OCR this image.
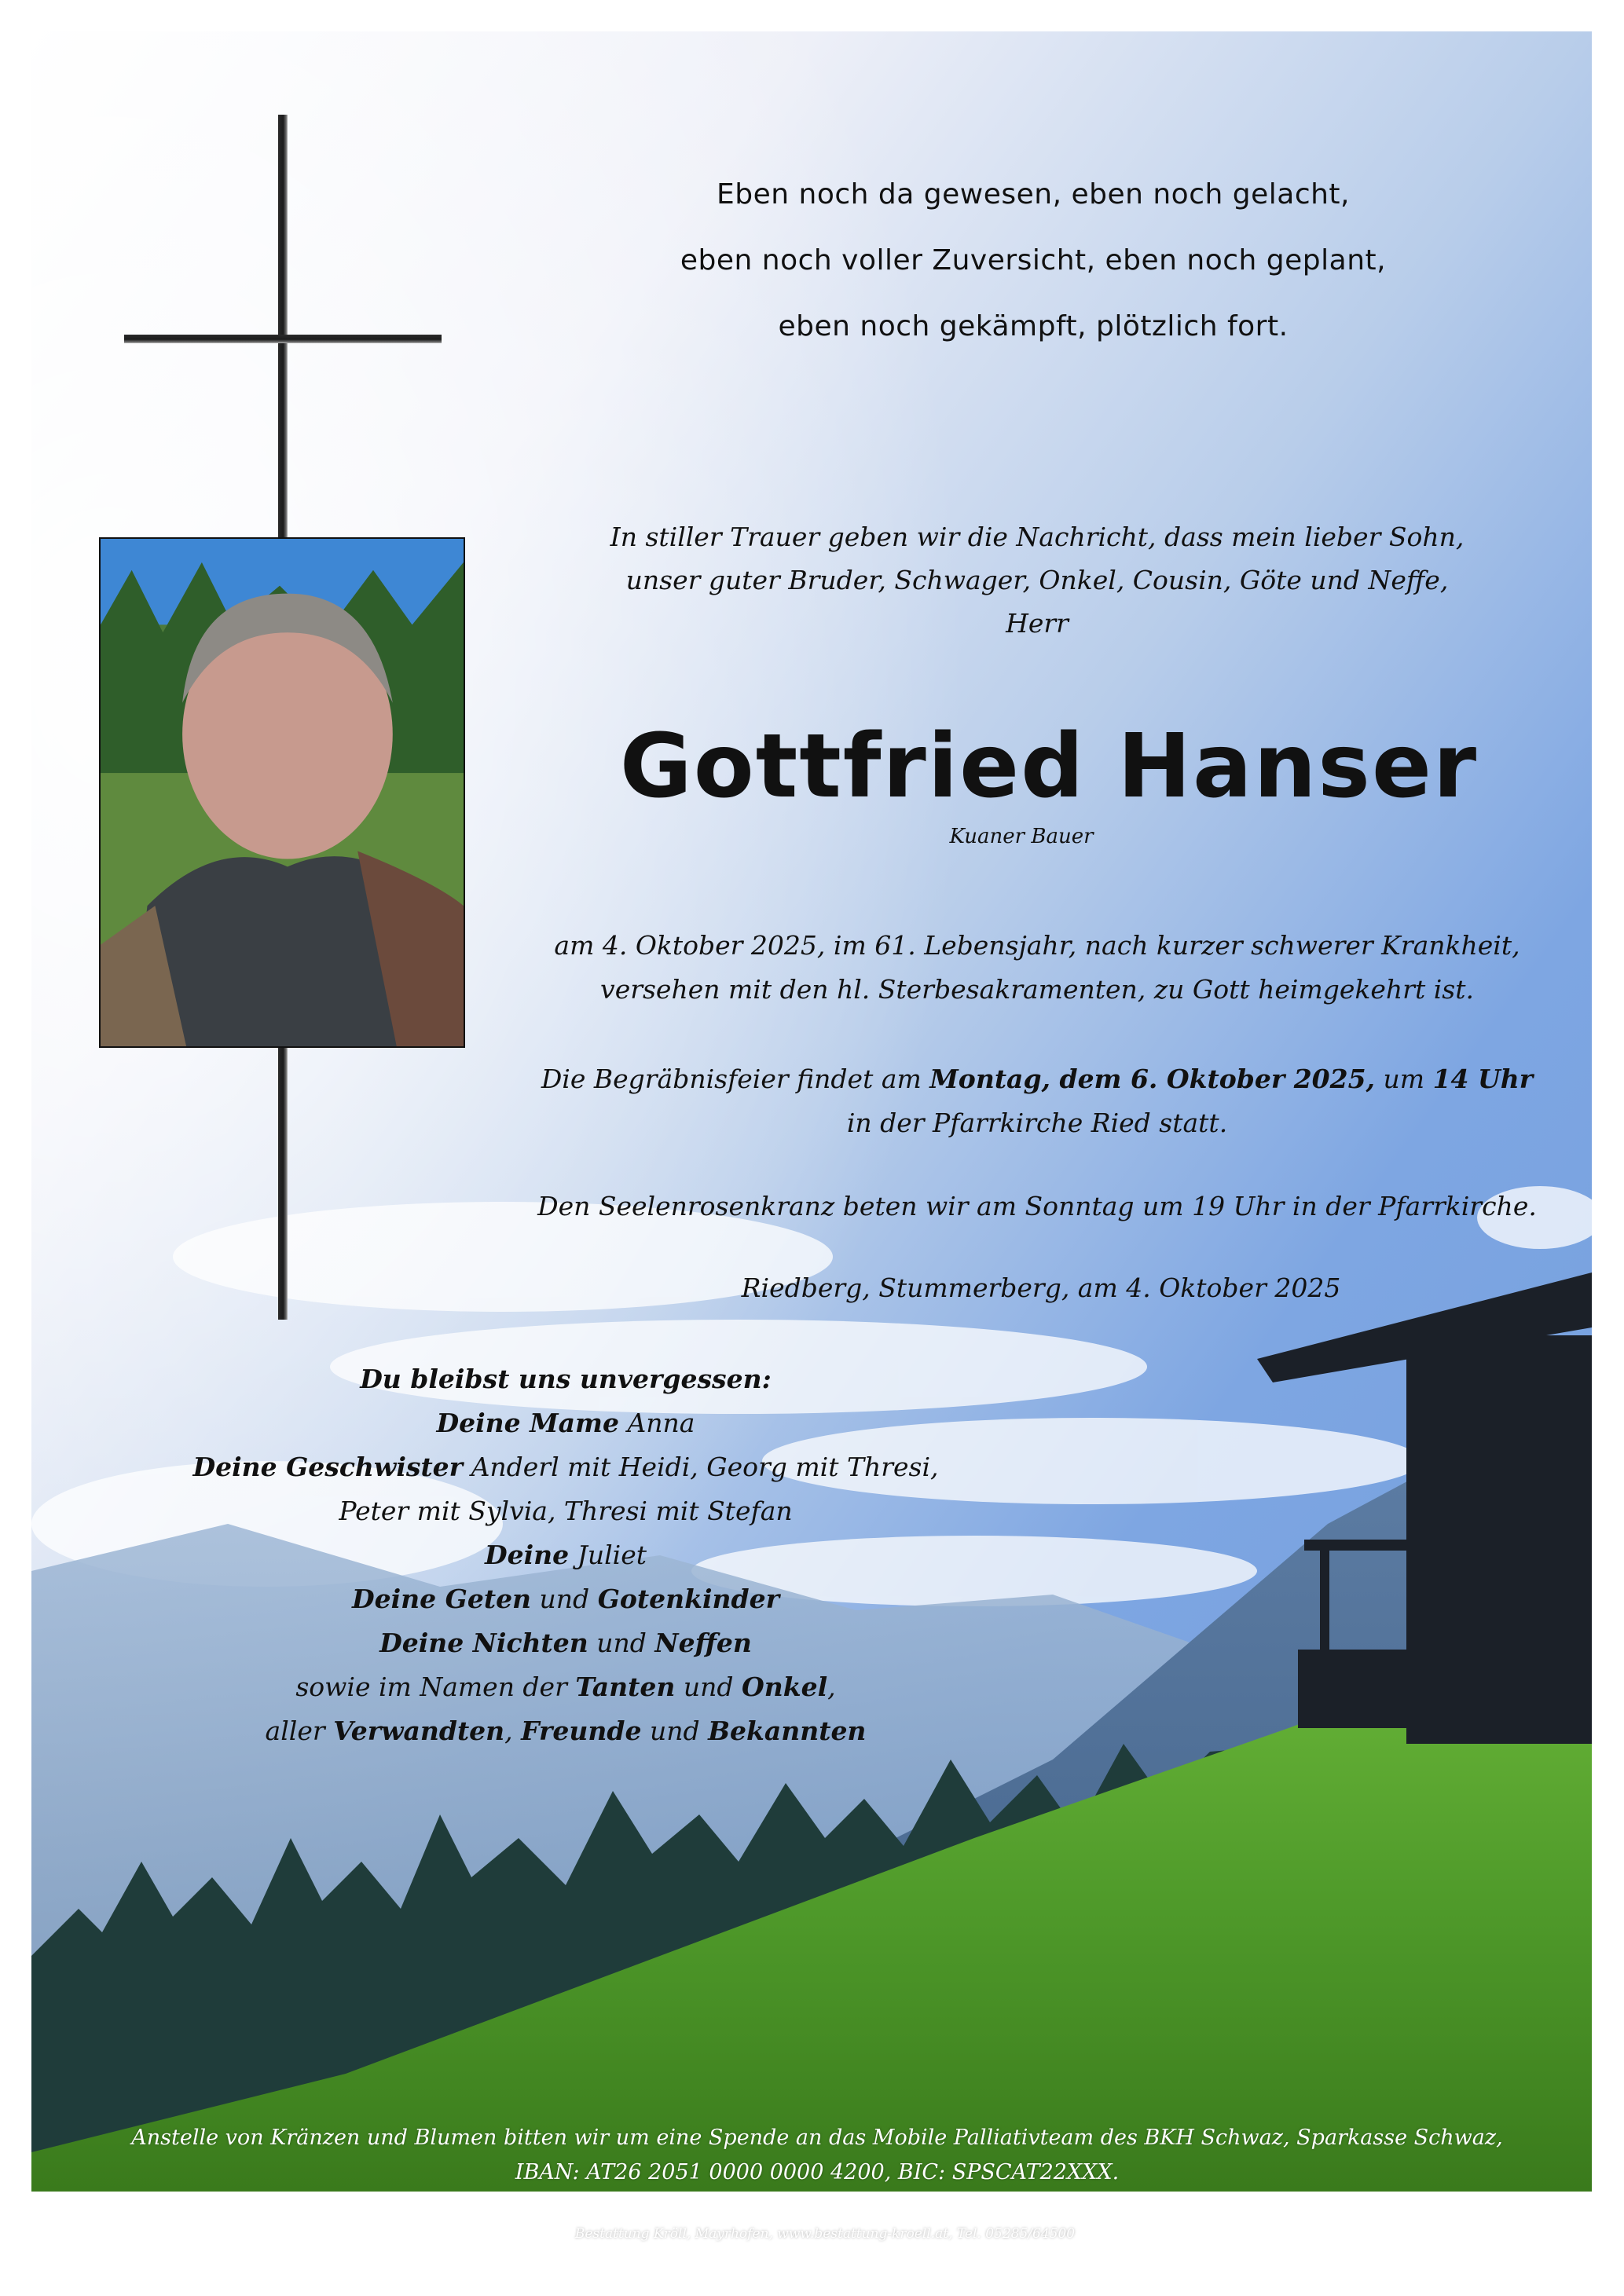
Eben noch da gewesen, eben noch gelacht,
eben noch voller Zuversicht, eben noch geplant,
eben noch gekämpft, plötzlich fort.
In stiller Trauer geben wir die Nachricht, dass mein lieber Sohn,
unser guter Bruder, Schwager, Onkel, Cousin, Göte und Neffe,
Herr
Gottfried Hanser
Kuaner Bauer
am 4. Oktober 2025, im 61. Lebensjahr, nach kurzer schwerer Krankheit,
versehen mit den hl. Sterbesakramenten, zu Gott heimgekehrt ist.
Die Begräbnisfeier findet am Montag, dem 6. Oktober 2025, um 14 Uhr
in der Pfarrkirche Ried statt.
Den Seelenrosenkranz beten wir am Sonntag um 19 Uhr in der Pfarrkirche.
Riedberg, Stummerberg, am 4. Oktober 2025
Du bleibst uns unvergessen:
Deine Mame Anna
Deine Geschwister Anderl mit Heidi, Georg mit Thresi,
Peter mit Sylvia, Thresi mit Stefan
Deine Juliet
Deine Geten und Gotenkinder
Deine Nichten und Neffen
sowie im Namen der Tanten und Onkel,
aller Verwandten, Freunde und Bekannten
Anstelle von Kränzen und Blumen bitten wir um eine Spende an das Mobile Palliativteam des BKH Schwaz, Sparkasse Schwaz,
IBAN: AT26 2051 0000 0000 4200, BIC: SPSCAT22XXX.
Bestattung Kröll, Mayrhofen, www.bestattung-kroell.at, Tel. 05285/64500
